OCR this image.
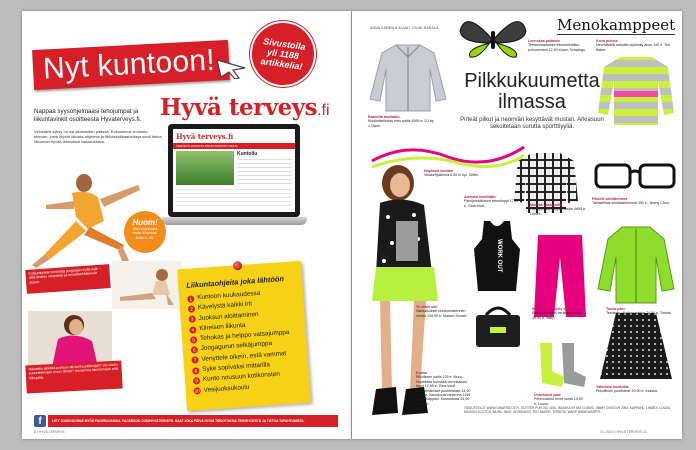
Nyt kuntoon!	Sivustolla yli 1188 artikkelia!
Hyvä terveys.fi
Nappaa syysohjelmaasi tehojumpat ja liikuntavinkit osoitteesta Hyvaterveys.fi.
Virkistävä syksy on nyt kilokauden päässä. Kokosimme Kuntoilu-teeman, josta löydät liikunta-ohjelmia ja tietotekstikaahetkeja sekä tietoa liikunnan hyvää tekevästä vaikutuksista.
Hyvä terveys.fi
TERVEYS LIIKUNTA PAINO RAVINTO SEKSI
Kuntoilu
Huom!
Uusi ohjelmapa myös lehdessä, katso s. 80.
Kotijumppaan innostaa joogaajan Kyllä Aalk – sillä ilmaisu venyttelyt ja ennaltaehkäisevät ohjeet.
Haluatko aloittaa juoksun tai kuntosyklikolgin? Voi etsiko suunnitelmaan sinun tähtisi? Annamme tärinöimään että lihkujalla.
Liikuntaohjeita joka lähtöön
1 Kuntoon kuukaudessa
2 Kävelystä kaikki irti
3 Juoksun aloittaminen
4 Kiireisen liikunta
5 Tehokas ja helppo vatsajumppa
6 Joogagurun selkäjumppa
7 Venyttele oikein, estä vammat
8 Syke sopivaksi mittarilla
9 Kunto nousuun kotikonsten
10 Vesijuoksukoulu
f	LIITY JOUKKOONME MYÖS FACEBOOKISSA. FACEBOOK.COM/HYVÄTERVEYS. SAAT JOKA PÄIVÄ HYVIÄ TIEDOTUKSIA TERVEYDESTÄ JA TIETOA TAPAHTUMISTA.
8 | HYVÄ TERVEYS
ANNA KARMILÄ KUVAT JOUNI HARALA	Menokamppeet
Pilkkukuumetta
ilmassa
Pirteät pilkut ja neonväri kesyttävät mustan. Arkiasuun sekoitetaan suruttа sportttiyyliä.
WORK OUT
Raamilla tuulitakki
Kuluksikelleikky ento paitis 4599 e, DJ by J.Olsen.
Lennokas paitaisin
Temanmaahanke intenkeledikko pohoeeniset 12,90 e/pari, Schwings.
Kovo pehmo
Neonväriillä raidoitta oiylinnity akoo 140 e, Ted Baker.
Hopkend koulian
Veiakehjukimnä 6,90 e/ kpl, Glitter.
Pikkelä silmäkehmet
Tahtisellisia silmälasikehmät 300 e, Jimmy Choo.
Aiemmä kehittäjän
Painijamalkoisen treenitoppi 1795 e, Gina tricot.	Muntaa vakkamilla
Pöntöpmaisen löysä neuke 4695 e, Lindex.
Tuulia päin
Tekninen ulkoilupusakka 74,90 e, Torstai.
Yli dram ole!
Satulaikokset punikokristennen verota 109,95 e, Maison Scotch.
Illoiseer-pieonelly seven
Kapealahkeiset verkkarihousut 29,90 e, Warp.
Valkoista muotoilla
Pilkulliinen puolihame 29,90 e, Indiska.
Kunso
Pilkullinen paitis 129 e, Muru. Hopeinitta kolmäkä veronkaisen toppi 12,95 e, Gina tricot. Nevnemähriset puunhiukset 44,90 e, Nike. Nanukonai rantenna 1195 e/kpl, Kappahl. Kontustossi 54,90 e, Warp.
Ünnekiinet jalat
Pehmustetut tenet sukat 14,90 e, Louza.
TIEDUSTELUT WWW.GINATRICOT.FI, GLITTER PUH 010 4010, INDISKA 09 692 10 8000, JIMMY CHOO 09 2054, KAPPAHL, LINDEX, LOUZA, MAISON SCOTCH, MURU, NIKE, SCHWINGS, TED BAKER, TORSTAI, WARP WWW.WARP.FI.
11 | 2013 | HYVÄ TERVEYS 11
